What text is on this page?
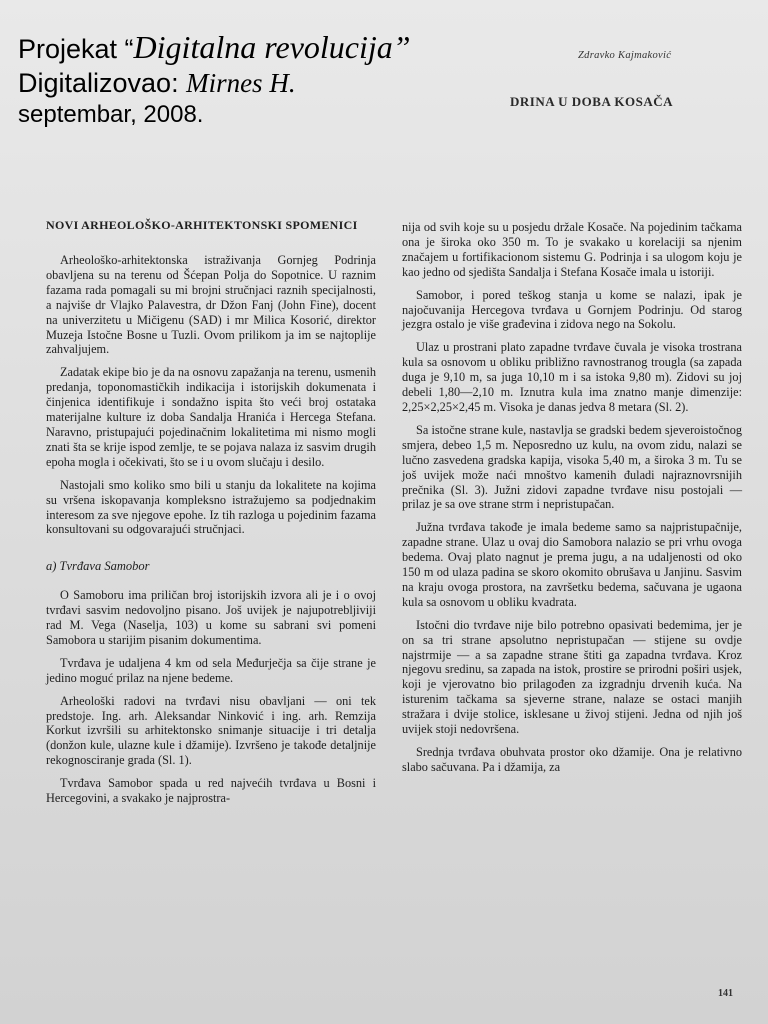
Projekat “Digitalna revolucija”
Digitalizovao: Mirnes H.
septembar, 2008.
Zdravko Kajmaković
DRINA U DOBA KOSAČA
NOVI ARHEOLOŠKO-ARHITEKTONSKI SPOMENICI

Arheološko-arhitektonska istraživanja Gornjeg Podrinja obavljena su na terenu od Šćepan Polja do Sopotnice. U raznim fazama rada pomagali su mi brojni stručnjaci raznih specijalnosti, a najviše dr Vlajko Palavestra, dr Džon Fanj (John Fine), docent na univerzitetu u Mičigenu (SAD) i mr Milica Kosorić, direktor Muzeja Istočne Bosne u Tuzli. Ovom prilikom ja im se najtoplije zahvaljujem.

Zadatak ekipe bio je da na osnovu zapažanja na terenu, usmenih predanja, toponomastičkih indikacija i istorijskih dokumenata i činjenica identifikuje i sondažno ispita što veći broj ostataka materijalne kulture iz doba Sandalja Hranića i Hercega Stefana. Naravno, pristupajući pojedinačnim lokalitetima mi nismo mogli znati šta se krije ispod zemlje, te se pojava nalaza iz sasvim drugih epoha mogla i očekivati, što se i u ovom slučaju i desilo.

Nastojali smo koliko smo bili u stanju da lokalitete na kojima su vršena iskopavanja kompleksno istražujemo sa podjednakim interesom za sve njegove epohe. Iz tih razloga u pojedinim fazama konsultovani su odgovarajući stručnjaci.

a) Tvrđava Samobor

O Samoboru ima priličan broj istorijskih izvora ali je i o ovoj tvrđavi sasvim nedovoljno pisano. Još uvijek je najupotrebljiviji rad M. Vega (Naselja, 103) u kome su sabrani svi pomeni Samobora u starijim pisanim dokumentima.

Tvrđava je udaljena 4 km od sela Međurječja sa čije strane je jedino moguć prilaz na njene bedeme.

Arheološki radovi na tvrđavi nisu obavljani — oni tek predstoje. Ing. arh. Aleksandar Ninković i ing. arh. Remzija Korkut izvršili su arhitektonsko snimanje situacije i tri detalja (donžon kule, ulazne kule i džamije). Izvršeno je takođe detaljnije rekognosciranje grada (Sl. 1).

Tvrđava Samobor spada u red najvećih tvrđava u Bosni i Hercegovini, a svakako je najprostra-

nija od svih koje su u posjedu držale Kosače. Na pojedinim tačkama ona je široka oko 350 m. To je svakako u korelaciji sa njenim značajem u fortifikacionom sistemu G. Podrinja i sa ulogom koju je kao jedno od sjedišta Sandalja i Stefana Kosače imala u istoriji.

Samobor, i pored teškog stanja u kome se nalazi, ipak je najočuvanija Hercegova tvrđava u Gornjem Podrinju. Od starog jezgra ostalo je više građevina i zidova nego na Sokolu.

Ulaz u prostrani plato zapadne tvrđave čuvala je visoka trostrana kula sa osnovom u obliku približno ravnostranog trougla (sa zapada duga je 9,10 m, sa juga 10,10 m i sa istoka 9,80 m). Zidovi su joj debeli 1,80—2,10 m. Iznutra kula ima znatno manje dimenzije: 2,25×2,25×2,45 m. Visoka je danas jedva 8 metara (Sl. 2).

Sa istočne strane kule, nastavlja se gradski bedem sjeveroistočnog smjera, debeo 1,5 m. Neposredno uz kulu, na ovom zidu, nalazi se lučno zasvedena gradska kapija, visoka 5,40 m, a široka 3 m. Tu se još uvijek može naći mnoštvo kamenih đuladi najraznovrsnijih prečnika (Sl. 3). Južni zidovi zapadne tvrđave nisu postojali — prilaz je sa ove strane strm i nepristupačan.

Južna tvrđava takođe je imala bedeme samo sa najpristupačnije, zapadne strane. Ulaz u ovaj dio Samobora nalazio se pri vrhu ovoga bedema. Ovaj plato nagnut je prema jugu, a na udaljenosti od oko 150 m od ulaza padina se skoro okomito obrušava u Janjinu. Sasvim na kraju ovoga prostora, na završetku bedema, sačuvana je ugaona kula sa osnovom u obliku kvadrata.

Istočni dio tvrđave nije bilo potrebno opasivati bedemima, jer je on sa tri strane apsolutno nepristupačan — stijene su ovdje najstrmije — a sa zapadne strane štiti ga zapadna tvrđava. Kroz njegovu sredinu, sa zapada na istok, prostire se prirodni poširi usjek, koji je vjerovatno bio prilagođen za izgradnju drvenih kuća. Na isturenim tačkama sa sjeverne strane, nalaze se ostaci manjih stražara i dvije stolice, isklesane u živoj stijeni. Jedna od njih još uvijek stoji nedovršena.

Srednja tvrđava obuhvata prostor oko džamije. Ona je relativno slabo sačuvana. Pa i džamija, za

141
